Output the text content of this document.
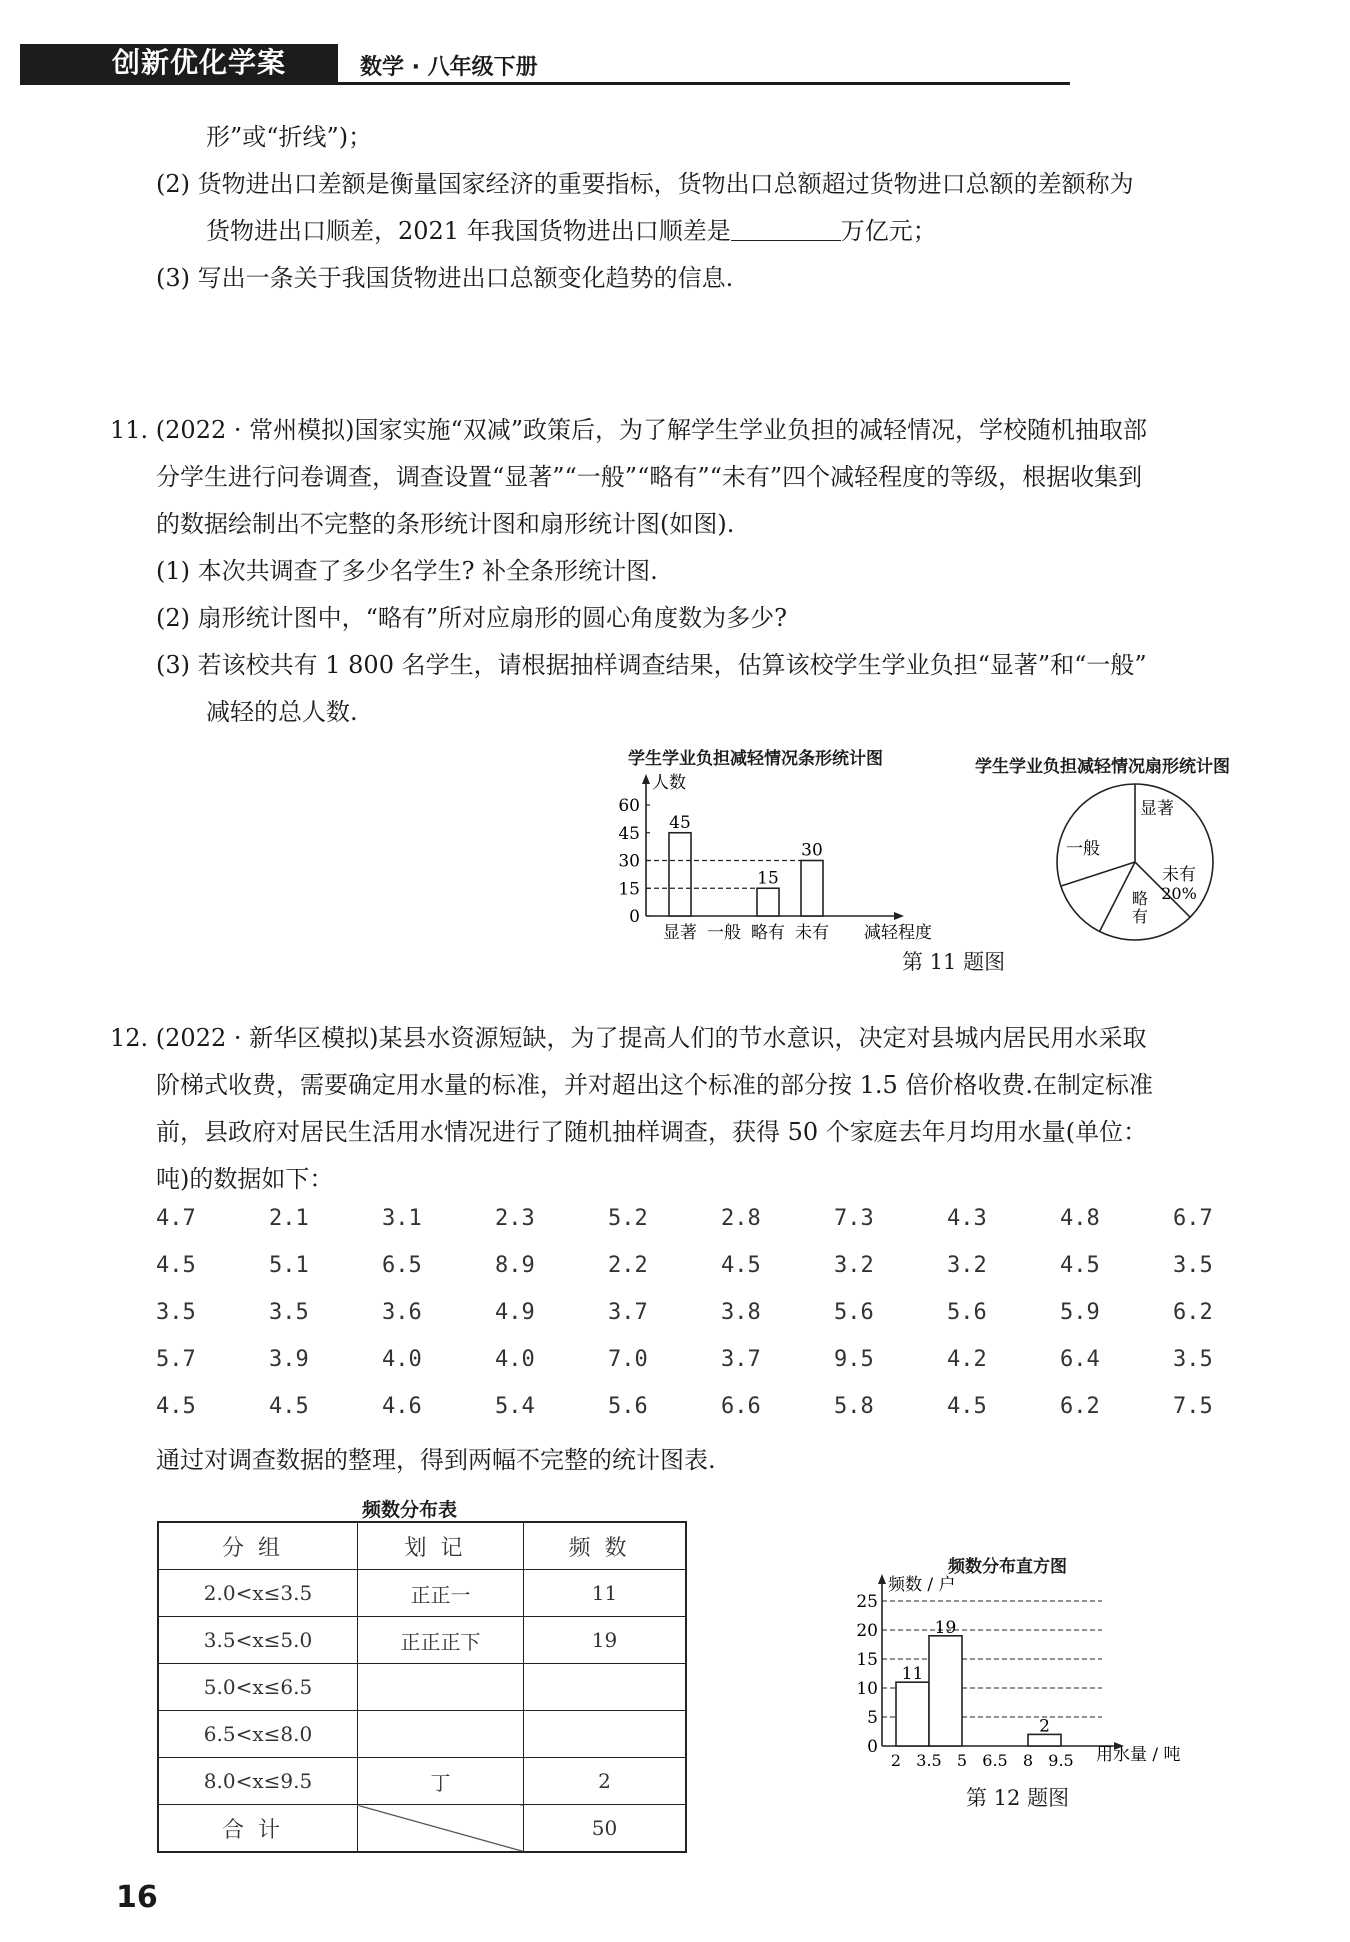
创新优化学案	数学 · 八年级下册
形”或“折线”)；
(2) 货物进出口差额是衡量国家经济的重要指标，货物出口总额超过货物进口总额的差额称为
货物进出口顺差，2021 年我国货物进出口顺差是	万亿元；
(3) 写出一条关于我国货物进出口总额变化趋势的信息.
11. (2022 · 常州模拟)国家实施“双减”政策后，为了解学生学业负担的减轻情况，学校随机抽取部
分学生进行问卷调查，调查设置“显著”“一般”“略有”“未有”四个减轻程度的等级，根据收集到
的数据绘制出不完整的条形统计图和扇形统计图(如图).
(1) 本次共调查了多少名学生? 补全条形统计图.
(2) 扇形统计图中，“略有”所对应扇形的圆心角度数为多少?
(3) 若该校共有 1 800 名学生，请根据抽样调查结果，估算该校学生学业负担“显著”和“一般”
减轻的总人数.
学生学业负担减轻情况条形统计图
人数
减轻程度
0
15
30
45
60
显著
45
一般 略有
15
未有
30
学生学业负担减轻情况扇形统计图
显著
未有
20%
略
有
一般
第 11 题图
12. (2022 · 新华区模拟)某县水资源短缺，为了提高人们的节水意识，决定对县城内居民用水采取
阶梯式收费，需要确定用水量的标准，并对超出这个标准的部分按 1.5 倍价格收费.在制定标准
前，县政府对居民生活用水情况进行了随机抽样调查，获得 50 个家庭去年月均用水量(单位：
吨)的数据如下：
4.7	2.1	3.1	2.3	5.2	2.8	7.3	4.3	4.8	6.7
4.5	5.1	6.5	8.9	2.2	4.5	3.2	3.2	4.5	3.5
3.5	3.5	3.6	4.9	3.7	3.8	5.6	5.6	5.9	6.2
5.7	3.9	4.0	4.0	7.0	3.7	9.5	4.2	6.4	3.5
4.5	4.5	4.6	5.4	5.6	6.6	5.8	4.5	6.2	7.5
通过对调查数据的整理，得到两幅不完整的统计图表.
频数分布表
分组	划记	频数
2.0<x≤3.5	正正一	11
3.5<x≤5.0	正正正下	19
5.0<x≤6.5		
6.5<x≤8.0		
8.0<x≤9.5	丁	2
合计		50
频数分布直方图
频数 / 户
用水量 / 吨
0
5
10
15
20
25
2 3.5 5 6.5 8 9.5
11
19
2
第 12 题图
16
